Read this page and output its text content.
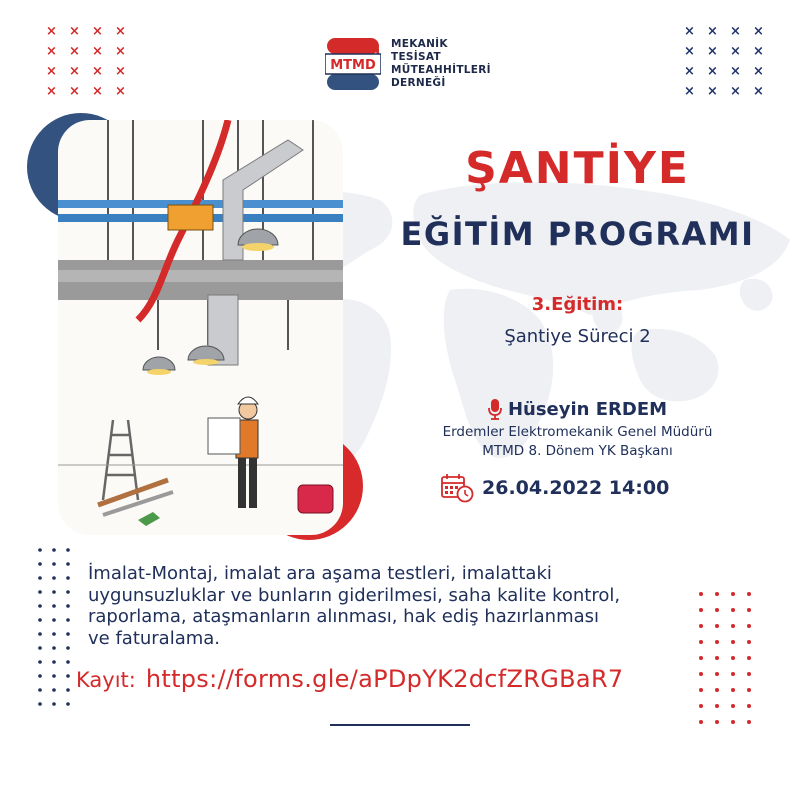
× × × ×
× × × ×
× × × ×
× × × ×
× × × ×
× × × ×
× × × ×
× × × ×
MTMD
MEKANİK
TESİSAT
MÜTEAHHİTLERİ
DERNEĞİ
ŞANTİYE
EĞİTİM PROGRAMI
3.Eğitim:
Şantiye Süreci 2
Hüseyin ERDEM
Erdemler Elektromekanik Genel Müdürü
MTMD 8. Dönem YK Başkanı
26.04.2022 14:00
İmalat-Montaj, imalat ara aşama testleri, imalattaki
uygunsuzluklar ve bunların giderilmesi, saha kalite kontrol,
raporlama, ataşmanların alınması, hak ediş hazırlanması
ve faturalama.
Kayıt: https://forms.gle/aPDpYK2dcfZRGBaR7
